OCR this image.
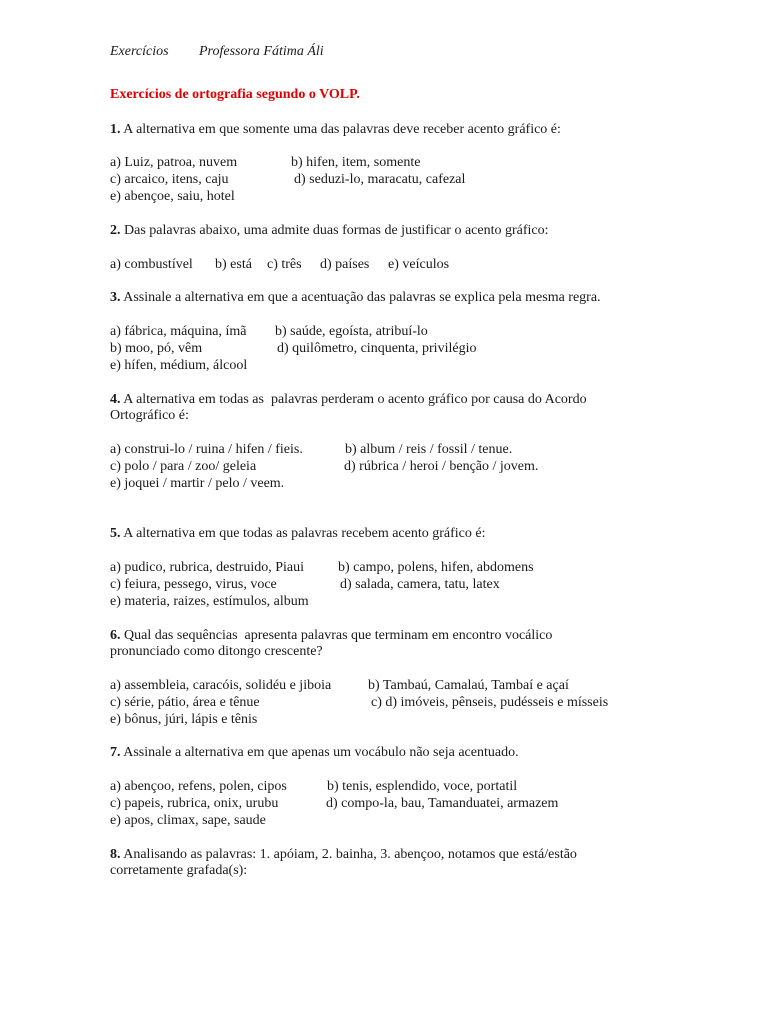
Exercícios Professora Fátima Áli
Exercícios de ortografia segundo o VOLP.
1. A alternativa em que somente uma das palavras deve receber acento gráfico é:
a) Luiz, patroa, nuvem	b) hifen, item, somente
c) arcaico, itens, caju	d) seduzi-lo, maracatu, cafezal
e) abençoe, saiu, hotel
2. Das palavras abaixo, uma admite duas formas de justificar o acento gráfico:
a) combustível b) está c) três d) países e) veículos
3. Assinale a alternativa em que a acentuação das palavras se explica pela mesma regra.
a) fábrica, máquina, ímã b) saúde, egoísta, atribuí-lo
b) moo, pó, vêm	d) quilômetro, cinquenta, privilégio
e) hífen, médium, álcool
4. A alternativa em todas as  palavras perderam o acento gráfico por causa do Acordo
Ortográfico é:
a) construi-lo / ruina / hifen / fieis.	b) album / reis / fossil / tenue.
c) polo / para / zoo/ geleia	d) rúbrica / heroi / benção / jovem.
e) joquei / martir / pelo / veem.
5. A alternativa em que todas as palavras recebem acento gráfico é:
a) pudico, rubrica, destruido, Piaui b) campo, polens, hifen, abdomens
c) feiura, pessego, virus, voce	d) salada, camera, tatu, latex
e) materia, raizes, estímulos, album
6. Qual das sequências  apresenta palavras que terminam em encontro vocálico
pronunciado como ditongo crescente?
a) assembleia, caracóis, solidéu e jiboia	b) Tambaú, Camalaú, Tambaí e açaí
c) série, pátio, área e tênue	c) d) imóveis, pênseis, pudésseis e mísseis
e) bônus, júri, lápis e tênis
7. Assinale a alternativa em que apenas um vocábulo não seja acentuado.
a) abençoo, refens, polen, cipos	b) tenis, esplendido, voce, portatil
c) papeis, rubrica, onix, urubu	d) compo-la, bau, Tamanduatei, armazem
e) apos, climax, sape, saude
8. Analisando as palavras: 1. apóiam, 2. bainha, 3. abençoo, notamos que está/estão
corretamente grafada(s):
